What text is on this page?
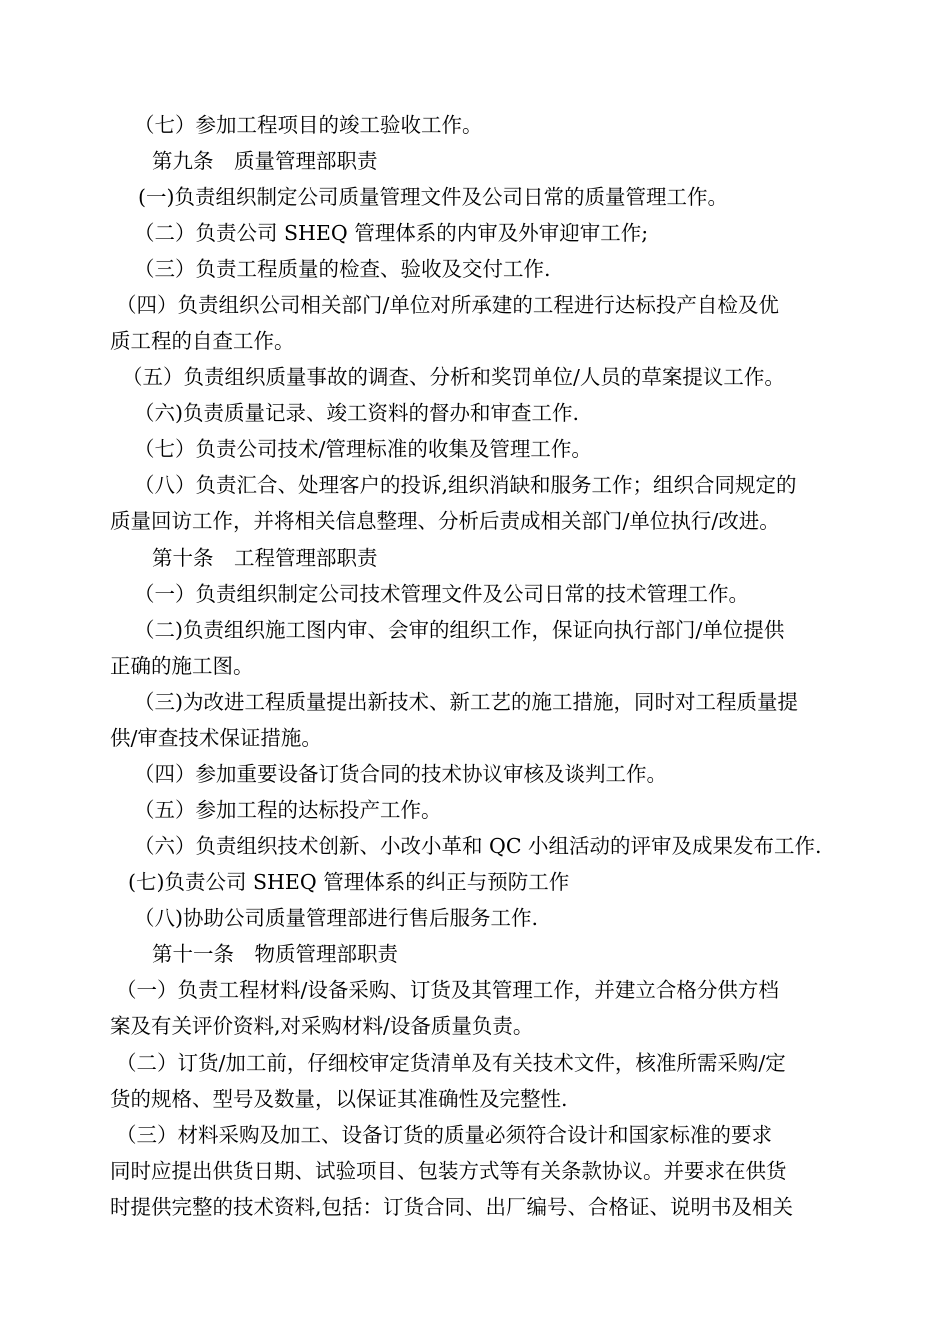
（七）参加工程项目的竣工验收工作。

第九条　质量管理部职责

(一)负责组织制定公司质量管理文件及公司日常的质量管理工作。

（二）负责公司 SHEQ 管理体系的内审及外审迎审工作;

（三）负责工程质量的检查、验收及交付工作.

（四）负责组织公司相关部门/单位对所承建的工程进行达标投产自检及优

质工程的自查工作。

（五）负责组织质量事故的调查、分析和奖罚单位/人员的草案提议工作。

（六)负责质量记录、竣工资料的督办和审查工作.

（七）负责公司技术/管理标准的收集及管理工作。

（八）负责汇合、处理客户的投诉,组织消缺和服务工作；组织合同规定的

质量回访工作，并将相关信息整理、分析后责成相关部门/单位执行/改进。

第十条　工程管理部职责

（一）负责组织制定公司技术管理文件及公司日常的技术管理工作。

（二)负责组织施工图内审、会审的组织工作，保证向执行部门/单位提供

正确的施工图。

（三)为改进工程质量提出新技术、新工艺的施工措施，同时对工程质量提

供/审查技术保证措施。

（四）参加重要设备订货合同的技术协议审核及谈判工作。

（五）参加工程的达标投产工作。

（六）负责组织技术创新、小改小革和 QC 小组活动的评审及成果发布工作.

(七)负责公司 SHEQ 管理体系的纠正与预防工作

（八)协助公司质量管理部进行售后服务工作.

第十一条　物质管理部职责

（一）负责工程材料/设备采购、订货及其管理工作，并建立合格分供方档

案及有关评价资料,对采购材料/设备质量负责。

（二）订货/加工前，仔细校审定货清单及有关技术文件，核准所需采购/定

货的规格、型号及数量，以保证其准确性及完整性.

（三）材料采购及加工、设备订货的质量必须符合设计和国家标准的要求

同时应提出供货日期、试验项目、包装方式等有关条款协议。并要求在供货

时提供完整的技术资料,包括：订货合同、出厂编号、合格证、说明书及相关
